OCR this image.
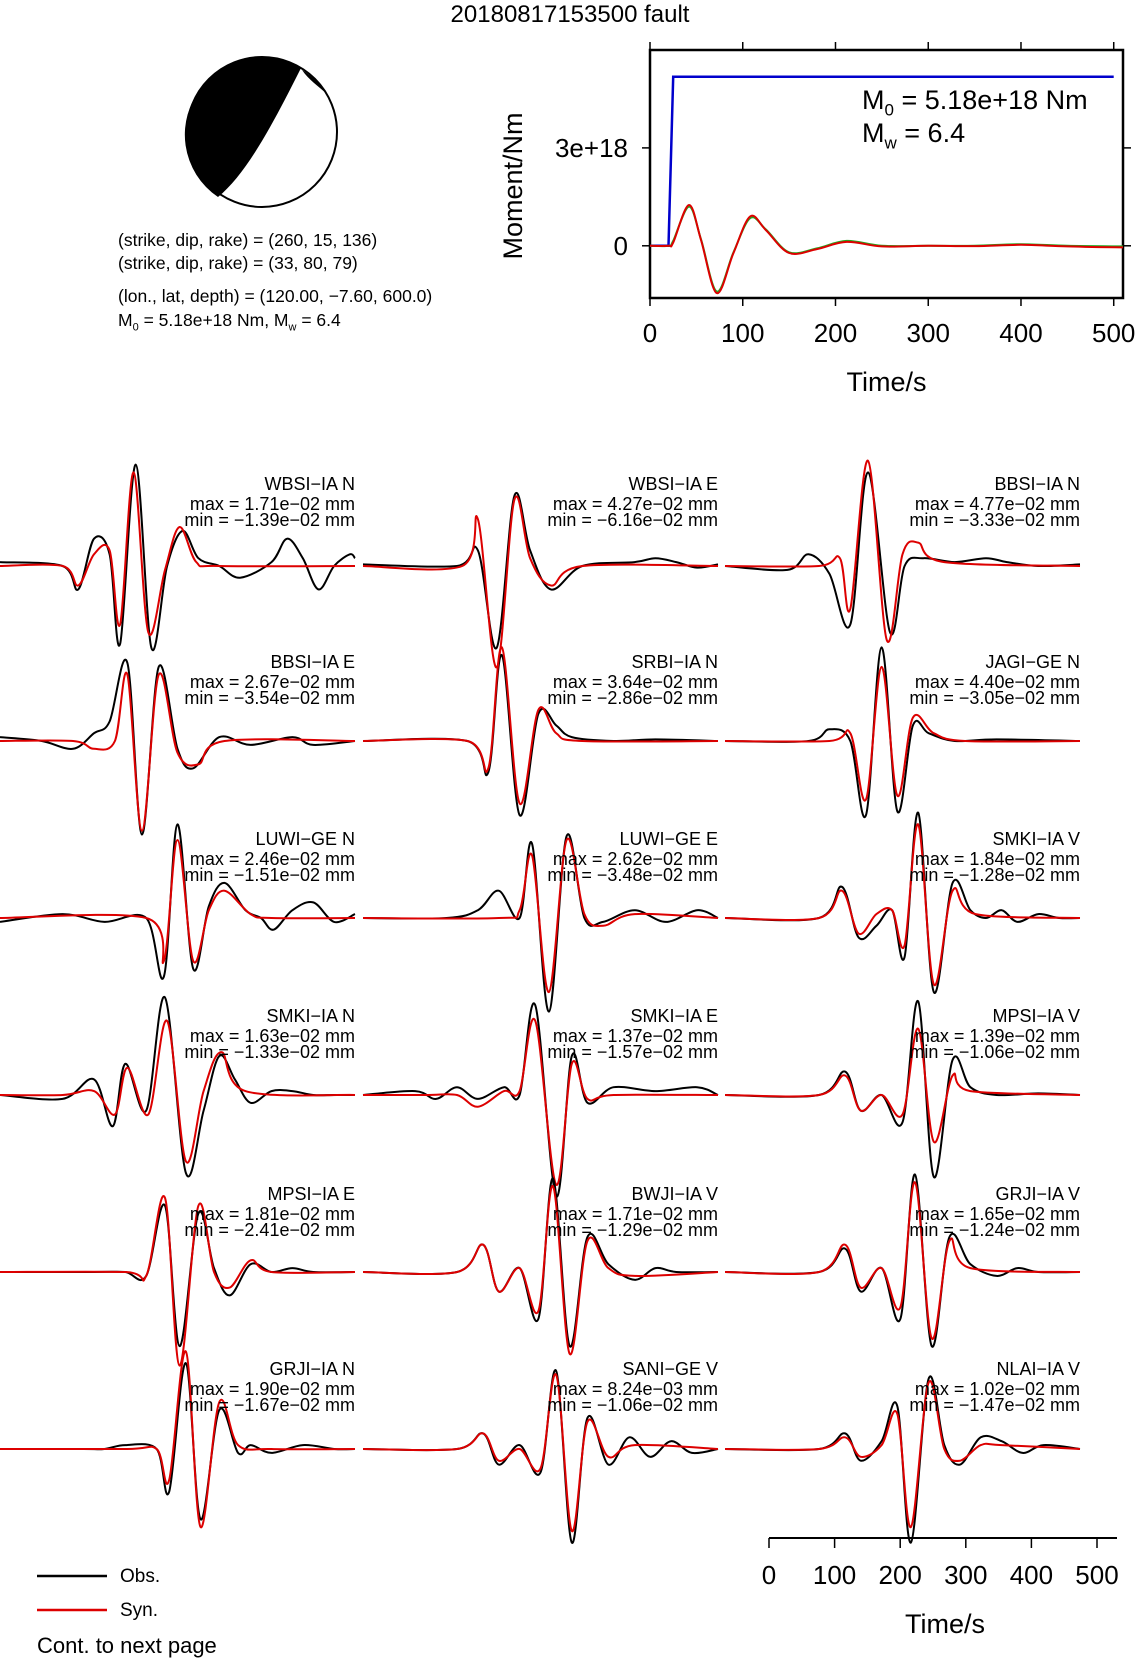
20180817153500 fault
0 100 200 300 400 500
0
3e+18
Time/s
Moment/Nm
WBSI−IA N
max = 1.71e−02 mm
min = −1.39e−02 mm
WBSI−IA E
max = 4.27e−02 mm
min = −6.16e−02 mm
BBSI−IA N
max = 4.77e−02 mm
min = −3.33e−02 mm
BBSI−IA E
max = 2.67e−02 mm
min = −3.54e−02 mm
SRBI−IA N
max = 3.64e−02 mm
min = −2.86e−02 mm
JAGI−GE N
max = 4.40e−02 mm
min = −3.05e−02 mm
LUWI−GE N
max = 2.46e−02 mm
min = −1.51e−02 mm
LUWI−GE E
max = 2.62e−02 mm
min = −3.48e−02 mm
SMKI−IA V
max = 1.84e−02 mm
min = −1.28e−02 mm
SMKI−IA N
max = 1.63e−02 mm
min = −1.33e−02 mm
SMKI−IA E
max = 1.37e−02 mm
min = −1.57e−02 mm
MPSI−IA V
max = 1.39e−02 mm
min = −1.06e−02 mm
MPSI−IA E
max = 1.81e−02 mm
min = −2.41e−02 mm
BWJI−IA V
max = 1.71e−02 mm
min = −1.29e−02 mm
GRJI−IA V
max = 1.65e−02 mm
min = −1.24e−02 mm
GRJI−IA N
max = 1.90e−02 mm
min = −1.67e−02 mm
SANI−GE V
max = 8.24e−03 mm
min = −1.06e−02 mm
NLAI−IA V
max = 1.02e−02 mm
min = −1.47e−02 mm
0 100 200 300 400 500
Time/s
(strike, dip, rake) = (260, 15, 136)
(strike, dip, rake) = (33, 80, 79)
(lon., lat, depth) = (120.00, −7.60, 600.0)
$M_0 = 5.18e+18$ Nm, $M_w = 6.4$
$M_0 = 5.18e+18$ Nm
$M_w = 6.4$
Obs.
Syn.
Cont. to next page
